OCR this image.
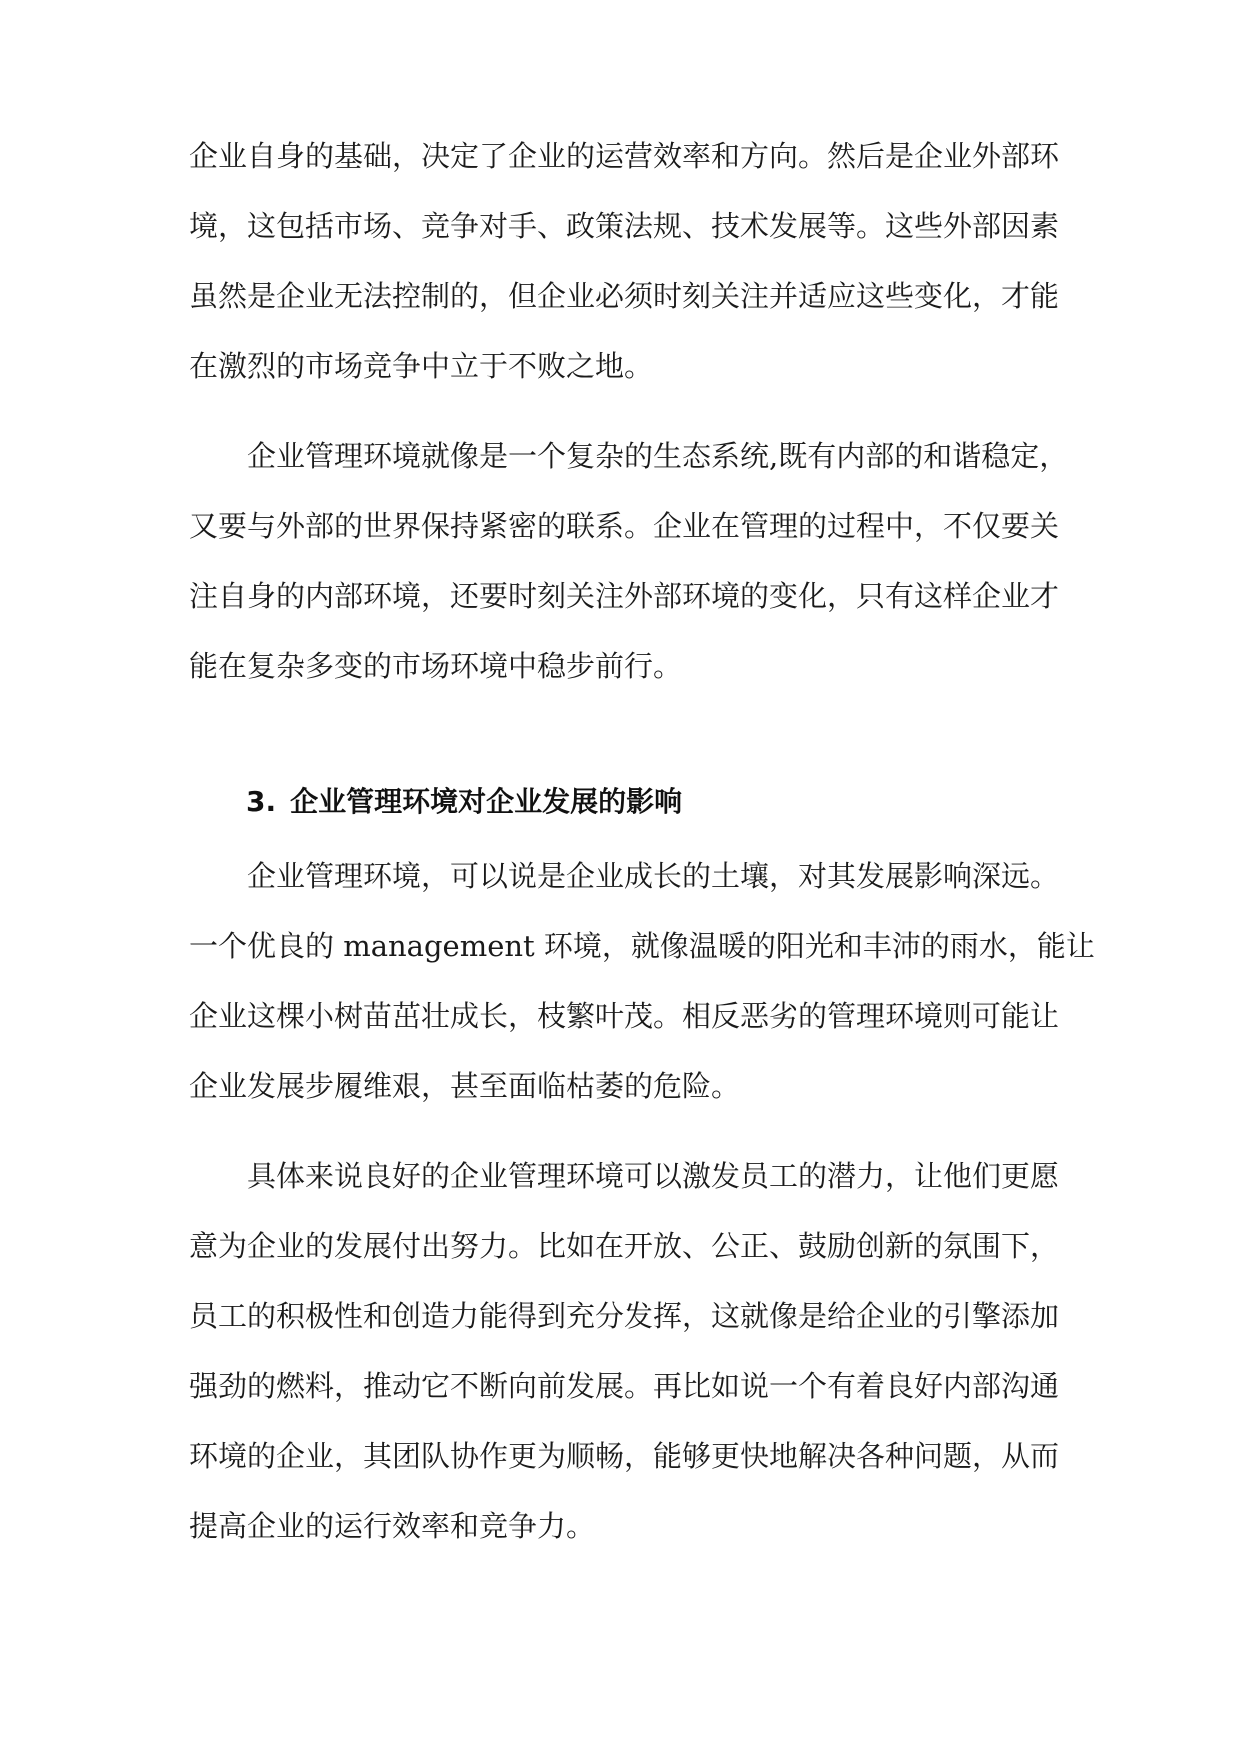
企业自身的基础，决定了企业的运营效率和方向。然后是企业外部环

境，这包括市场、竞争对手、政策法规、技术发展等。这些外部因素

虽然是企业无法控制的，但企业必须时刻关注并适应这些变化，才能

在激烈的市场竞争中立于不败之地。

企业管理环境就像是一个复杂的生态系统,既有内部的和谐稳定，

又要与外部的世界保持紧密的联系。企业在管理的过程中，不仅要关

注自身的内部环境，还要时刻关注外部环境的变化，只有这样企业才

能在复杂多变的市场环境中稳步前行。

3. 企业管理环境对企业发展的影响

企业管理环境，可以说是企业成长的土壤，对其发展影响深远。

一个优良的 management 环境，就像温暖的阳光和丰沛的雨水，能让

企业这棵小树苗茁壮成长，枝繁叶茂。相反恶劣的管理环境则可能让

企业发展步履维艰，甚至面临枯萎的危险。

具体来说良好的企业管理环境可以激发员工的潜力，让他们更愿

意为企业的发展付出努力。比如在开放、公正、鼓励创新的氛围下，

员工的积极性和创造力能得到充分发挥，这就像是给企业的引擎添加

强劲的燃料，推动它不断向前发展。再比如说一个有着良好内部沟通

环境的企业，其团队协作更为顺畅，能够更快地解决各种问题，从而

提高企业的运行效率和竞争力。
